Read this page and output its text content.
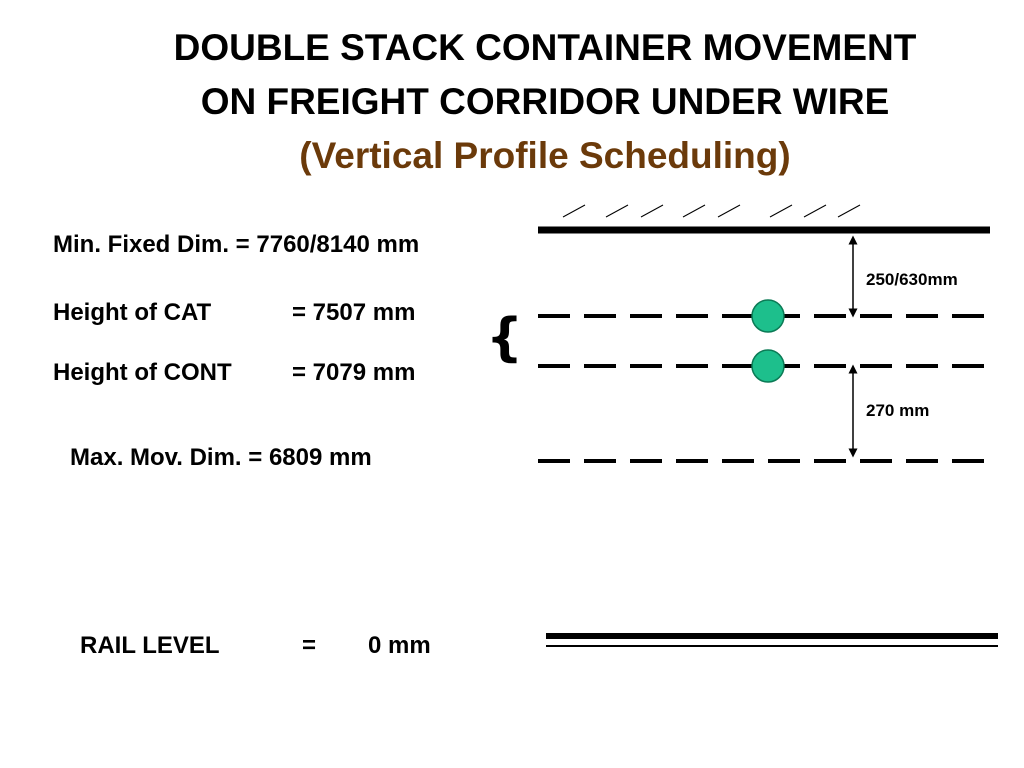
DOUBLE STACK CONTAINER MOVEMENT
ON FREIGHT CORRIDOR UNDER WIRE
(Vertical Profile Scheduling)
Min. Fixed Dim. = 7760/8140 mm
Height of CAT	= 7507 mm
Height of CONT	= 7079 mm
Max. Mov. Dim. = 6809 mm
RAIL LEVEL	= 0 mm
{
250/630mm
270 mm
